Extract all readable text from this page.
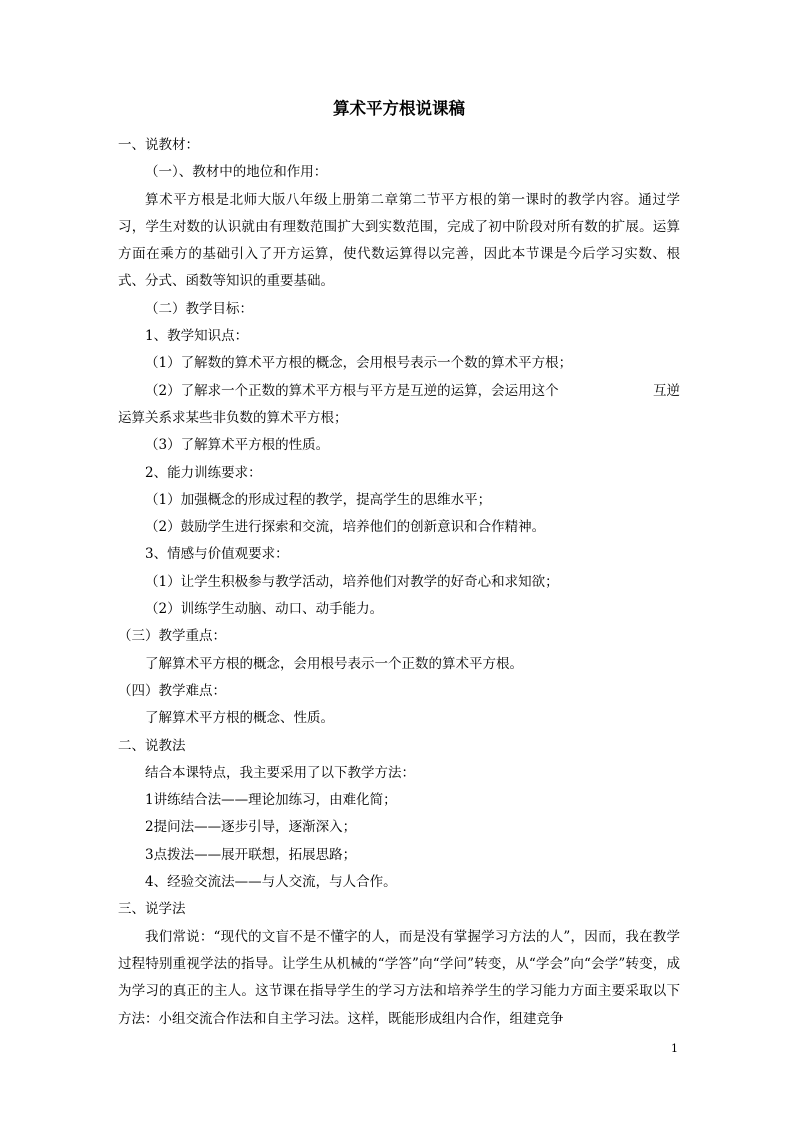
算术平方根说课稿

一、说教材：

（一）、教材中的地位和作用：

算术平方根是北师大版八年级上册第二章第二节平方根的第一课时的教学内容。通过学习，学生对数的认识就由有理数范围扩大到实数范围，完成了初中阶段对所有数的扩展。运算方面在乘方的基础引入了开方运算，使代数运算得以完善，因此本节课是今后学习实数、根式、分式、函数等知识的重要基础。

（二）教学目标：

1、教学知识点：

（1）了解数的算术平方根的概念，会用根号表示一个数的算术平方根；

（2）了解求一个正数的算术平方根与平方是互逆的运算，会运用这个	互逆

运算关系求某些非负数的算术平方根；

（3）了解算术平方根的性质。

2、能力训练要求：

（1）加强概念的形成过程的教学，提高学生的思维水平；

（2）鼓励学生进行探索和交流，培养他们的创新意识和合作精神。

3、情感与价值观要求：

（1）让学生积极参与教学活动，培养他们对教学的好奇心和求知欲；

（2）训练学生动脑、动口、动手能力。

（三）教学重点：

了解算术平方根的概念，会用根号表示一个正数的算术平方根。

（四）教学难点：

了解算术平方根的概念、性质。

二、说教法

结合本课特点，我主要采用了以下教学方法：

1讲练结合法——理论加练习，由难化简；

2提问法——逐步引导，逐渐深入；

3点拨法——展开联想，拓展思路；

4、经验交流法——与人交流，与人合作。

三、说学法

我们常说：“现代的文盲不是不懂字的人，而是没有掌握学习方法的人”，因而，我在教学过程特别重视学法的指导。让学生从机械的“学答”向“学问”转变，从“学会”向“会学”转变，成为学习的真正的主人。这节课在指导学生的学习方法和培养学生的学习能力方面主要采取以下方法：小组交流合作法和自主学习法。这样，既能形成组内合作，组建竞争

1
